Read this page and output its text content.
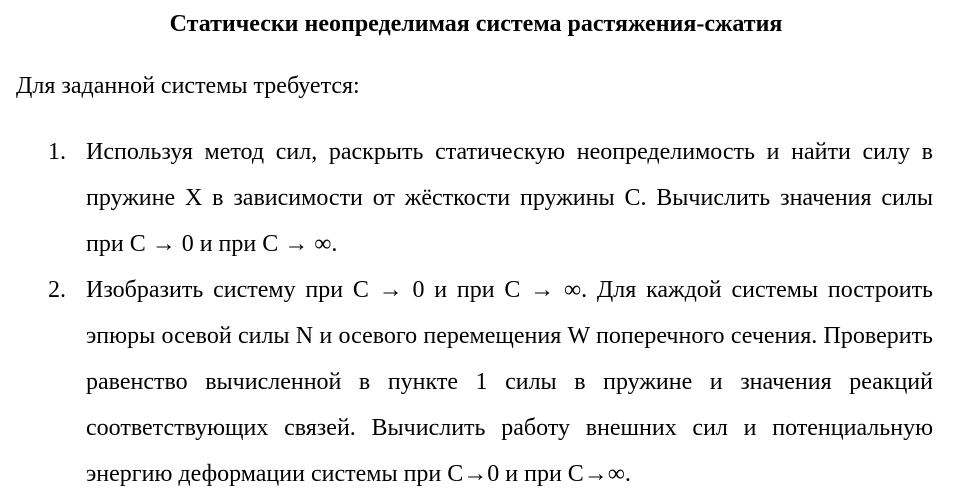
Статически неопределимая система растяжения-сжатия
Для заданной системы требуется:
1. Используя метод сил, раскрыть статическую неопределимость и найти силу в пружине X в зависимости от жёсткости пружины C. Вычислить значения силы при C → 0 и при C → ∞.
2. Изобразить систему при C → 0 и при C → ∞. Для каждой системы построить эпюры осевой силы N и осевого перемещения W поперечного сечения. Проверить равенство вычисленной в пункте 1 силы в пружине и значения реакций соответствующих связей. Вычислить работу внешних сил и потенциальную энергию деформации системы при C→0 и при C→∞.
